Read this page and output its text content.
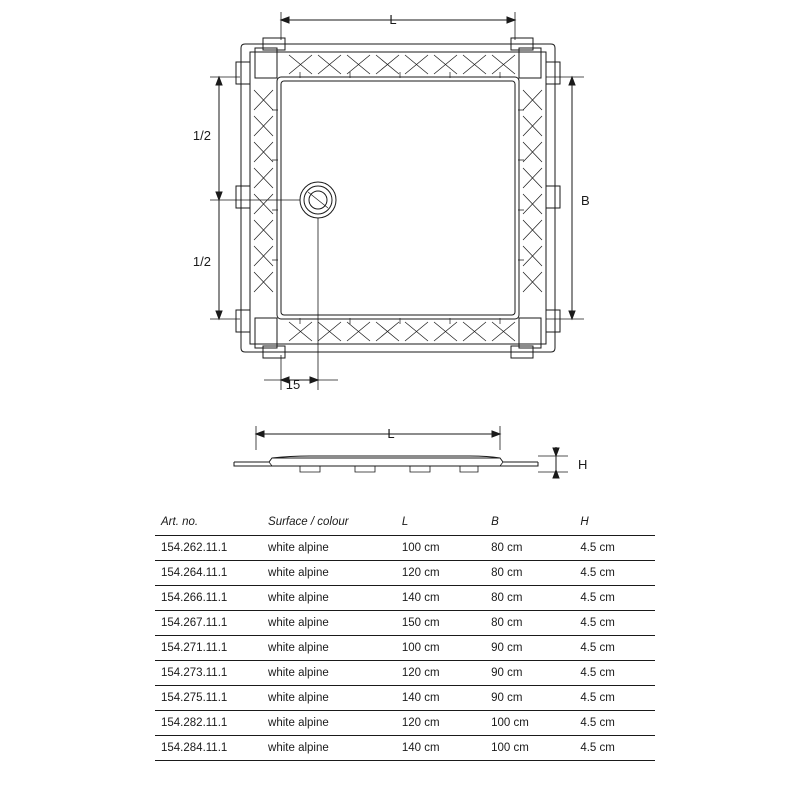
L
B
1/2
1/2
15
L
H
Art. no.	Surface / colour	L	B	H
154.262.11.1	white alpine	100 cm	80 cm	4.5 cm
154.264.11.1	white alpine	120 cm	80 cm	4.5 cm
154.266.11.1	white alpine	140 cm	80 cm	4.5 cm
154.267.11.1	white alpine	150 cm	80 cm	4.5 cm
154.271.11.1	white alpine	100 cm	90 cm	4.5 cm
154.273.11.1	white alpine	120 cm	90 cm	4.5 cm
154.275.11.1	white alpine	140 cm	90 cm	4.5 cm
154.282.11.1	white alpine	120 cm	100 cm	4.5 cm
154.284.11.1	white alpine	140 cm	100 cm	4.5 cm
